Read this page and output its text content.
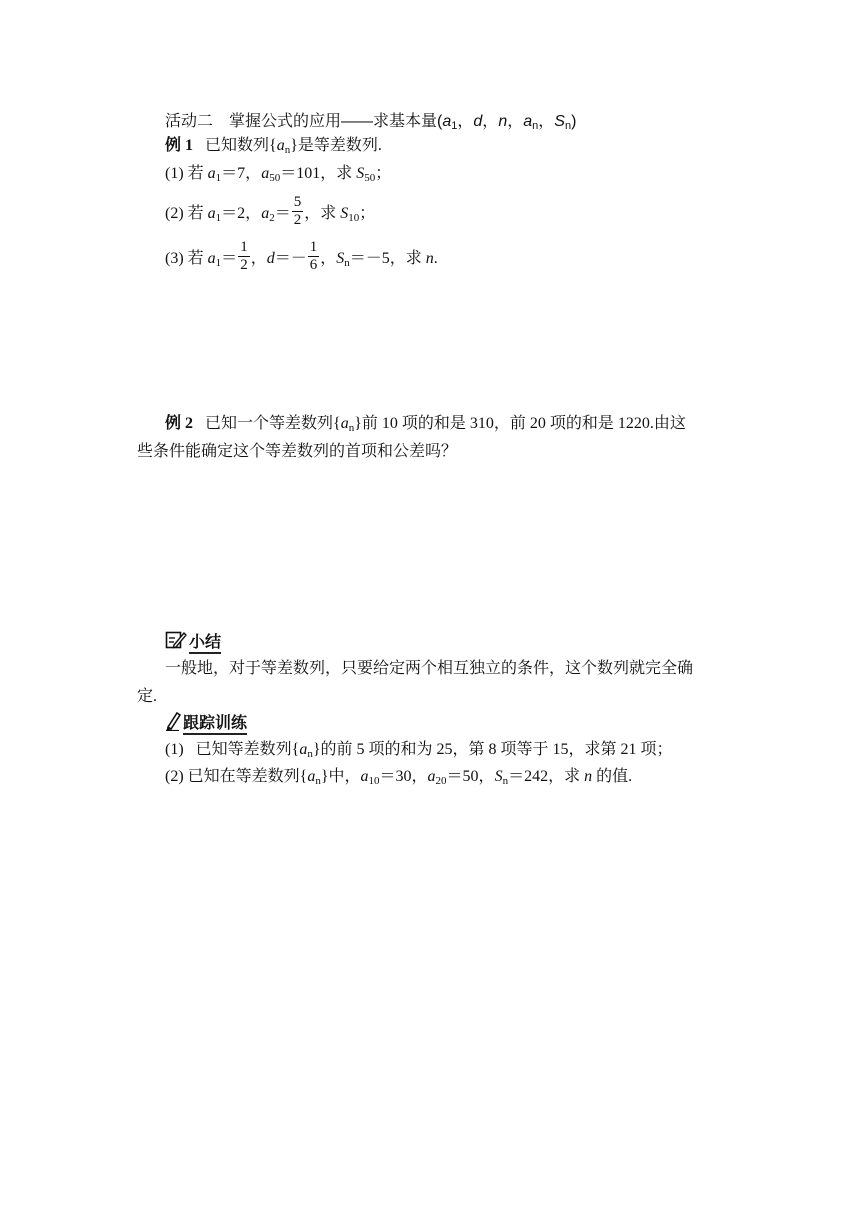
活动二　掌握公式的应用——求基本量($a_1$，d，n，$a_n$，$S_n$)
例 1 已知数列$\{a_n\}$是等差数列.
(1) 若 $a_1=7$，$a_{50}=101$，求 $S_{50}$；
(2) 若 $a_1=2$，$a_2= \frac{5}{2}$ ，求 $S_{10}$；
(3) 若 $a_1= \frac{1}{2}$ ，$d=- \frac{1}{6}$ ，$S_n=-5$，求 n.
例 2 已知一个等差数列$\{a_n\}$前 10 项的和是 310，前 20 项的和是 1220.由这
些条件能确定这个等差数列的首项和公差吗？
小结
一般地，对于等差数列，只要给定两个相互独立的条件，这个数列就完全确
定.
跟踪训练
(1) 已知等差数列$\{a_n\}$的前 5 项的和为 25，第 8 项等于 15，求第 21 项；
(2) 已知在等差数列$\{a_n\}$中，$a_{10}=30$，$a_{20}=50$，$S_n=242$，求 n 的值.
